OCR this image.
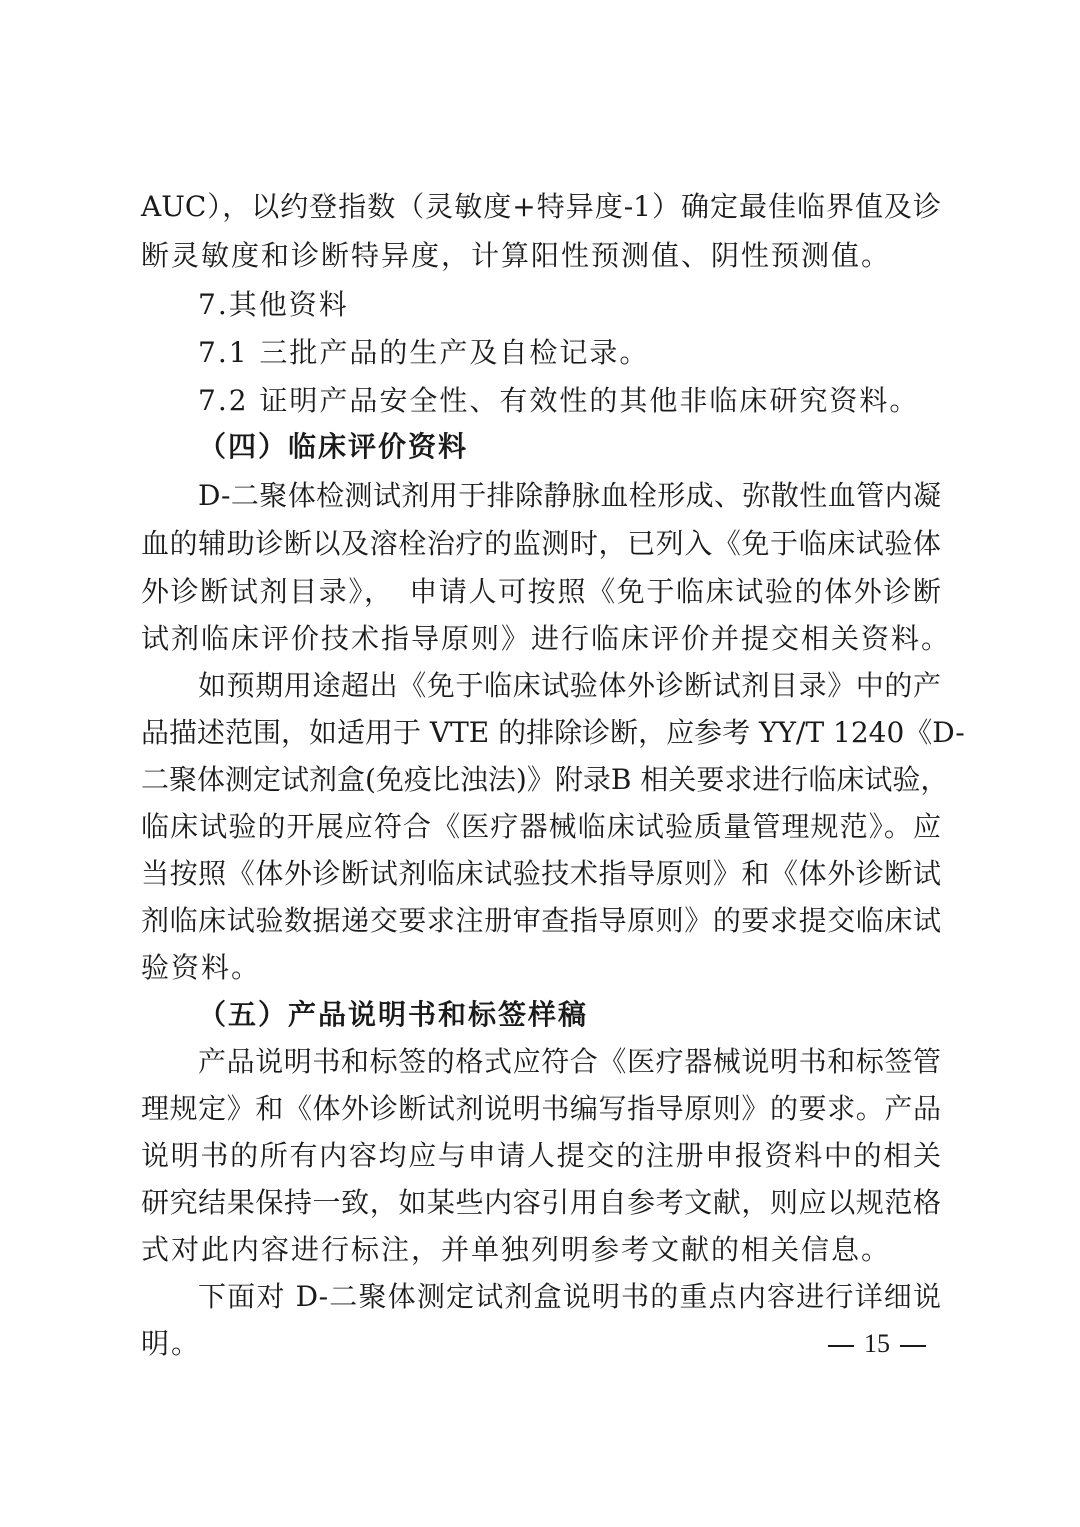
AUC），以约登指数（灵敏度+特异度-1）确定最佳临界值及诊
断灵敏度和诊断特异度，计算阳性预测值、阴性预测值。
7.其他资料
7.1 三批产品的生产及自检记录。
7.2 证明产品安全性、有效性的其他非临床研究资料。
（四）临床评价资料
D-二聚体检测试剂用于排除静脉血栓形成、弥散性血管内凝
血的辅助诊断以及溶栓治疗的监测时，已列入《免于临床试验体
外诊断试剂目录》，　申请人可按照《免于临床试验的体外诊断
试剂临床评价技术指导原则》进行临床评价并提交相关资料。
如预期用途超出《免于临床试验体外诊断试剂目录》中的产
品描述范围，如适用于 VTE 的排除诊断，应参考 YY/T 1240《D-
二聚体测定试剂盒(免疫比浊法)》附录B 相关要求进行临床试验，
临床试验的开展应符合《医疗器械临床试验质量管理规范》。应
当按照《体外诊断试剂临床试验技术指导原则》和《体外诊断试
剂临床试验数据递交要求注册审查指导原则》的要求提交临床试
验资料。
（五）产品说明书和标签样稿
产品说明书和标签的格式应符合《医疗器械说明书和标签管
理规定》和《体外诊断试剂说明书编写指导原则》的要求。产品
说明书的所有内容均应与申请人提交的注册申报资料中的相关
研究结果保持一致，如某些内容引用自参考文献，则应以规范格
式对此内容进行标注，并单独列明参考文献的相关信息。
下面对 D-二聚体测定试剂盒说明书的重点内容进行详细说
明。	15
